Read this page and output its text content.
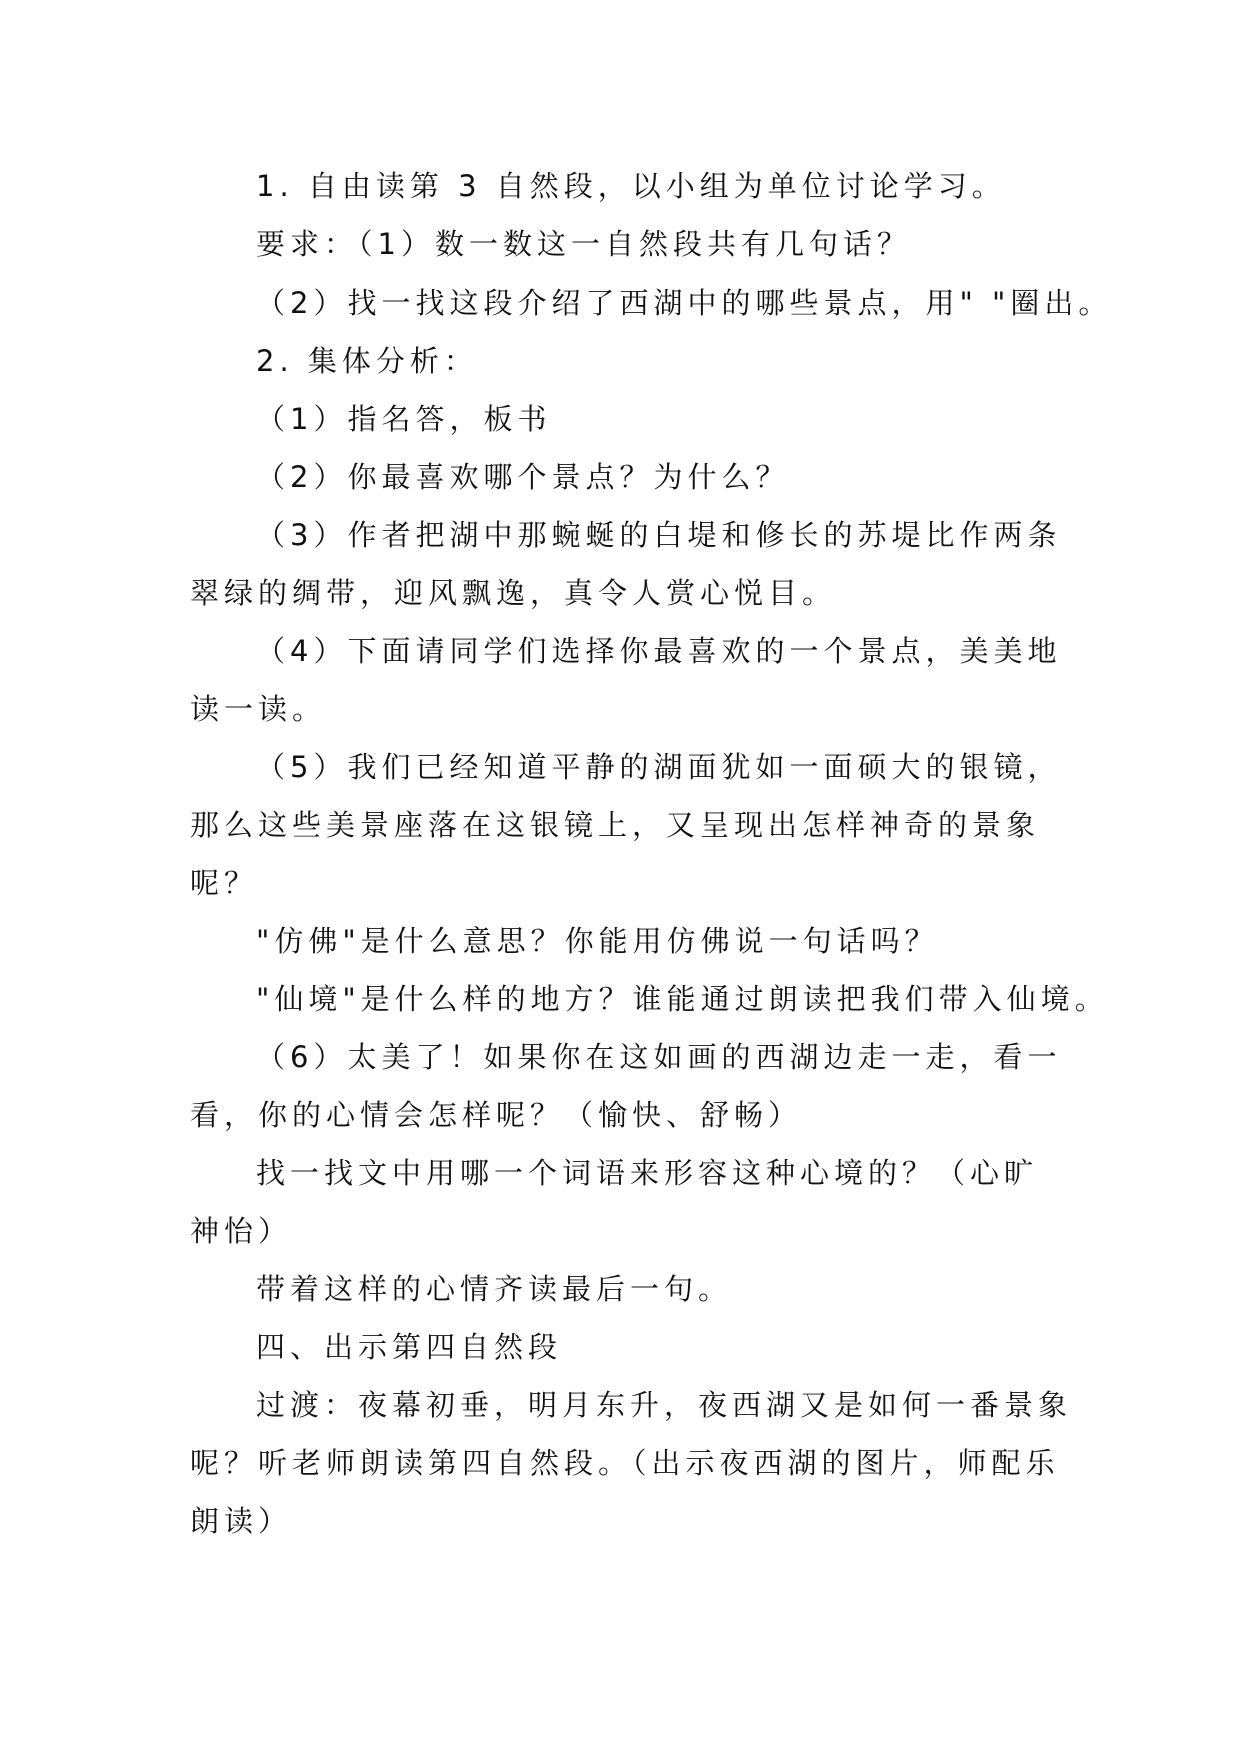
1. 自由读第 3 自然段，以小组为单位讨论学习。
要求：（1）数一数这一自然段共有几句话？
（2）找一找这段介绍了西湖中的哪些景点，用" "圈出。
2. 集体分析：
（1）指名答，板书
（2）你最喜欢哪个景点？为什么？
（3）作者把湖中那蜿蜒的白堤和修长的苏堤比作两条
翠绿的绸带，迎风飘逸，真令人赏心悦目。
（4）下面请同学们选择你最喜欢的一个景点，美美地
读一读。
（5）我们已经知道平静的湖面犹如一面硕大的银镜，
那么这些美景座落在这银镜上，又呈现出怎样神奇的景象
呢？
"仿佛"是什么意思？你能用仿佛说一句话吗？
"仙境"是什么样的地方？谁能通过朗读把我们带入仙境。
（6）太美了！如果你在这如画的西湖边走一走，看一
看，你的心情会怎样呢？（愉快、舒畅）
找一找文中用哪一个词语来形容这种心境的？（心旷
神怡）
带着这样的心情齐读最后一句。
四、出示第四自然段
过渡：夜幕初垂，明月东升，夜西湖又是如何一番景象
呢？听老师朗读第四自然段。（出示夜西湖的图片，师配乐
朗读）
